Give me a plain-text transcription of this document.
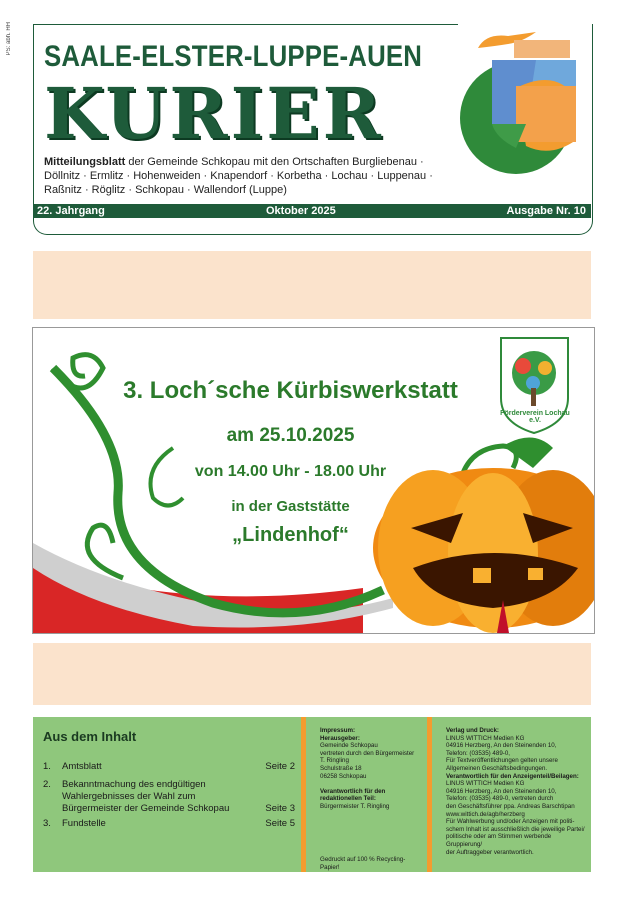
PS: abh. HH
SAALE-ELSTER-LUPPE-AUEN
KURIER
Mitteilungsblatt der Gemeinde Schkopau mit den Ortschaften Burgliebenau · Döllnitz · Ermlitz · Hohenweiden · Knapendorf · Korbetha · Lochau · Luppenau · Raßnitz · Röglitz · Schkopau · Wallendorf (Luppe)
22. Jahrgang	Oktober 2025	Ausgabe Nr. 10
Förderverein Lochau e.V.
3. Loch´sche Kürbiswerkstatt
am 25.10.2025
von 14.00 Uhr - 18.00 Uhr
in der Gaststätte
„Lindenhof“
Aus dem Inhalt
1. Amtsblatt	Seite 2
2. Bekanntmachung des endgültigen Wahlergebnisses der Wahl zum Bürgermeister der Gemeinde Schkopau	Seite 3
3. Fundstelle	Seite 5
Impressum:
Herausgeber:
Gemeinde Schkopau
vertreten durch den Bürgermeister
T. Ringling
Schulstraße 18
06258 Schkopau

Verantwortlich für den redaktionellen Teil:
Bürgermeister T. Ringling
Gedruckt auf 100 % Recycling-Papier!
Verlag und Druck:
LINUS WITTICH Medien KG
04916 Herzberg, An den Steinenden 10,
Telefon: (03535) 489-0,
Für Textveröffentlichungen gelten unsere
Allgemeinen Geschäftsbedingungen.
Verantwortlich für den Anzeigenteil/Beilagen:
LINUS WITTICH Medien KG
04916 Herzberg, An den Steinenden 10,
Telefon: (03535) 489-0, vertreten durch
den Geschäftsführer ppa. Andreas Barschtipan
www.wittich.de/agb/herzberg
Für Wahlwerbung und/oder Anzeigen mit politi-
schem Inhalt ist ausschließlich die jeweilige Partei/
politische oder am Stimmen werbende Gruppierung/
der Auftraggeber verantwortlich.
